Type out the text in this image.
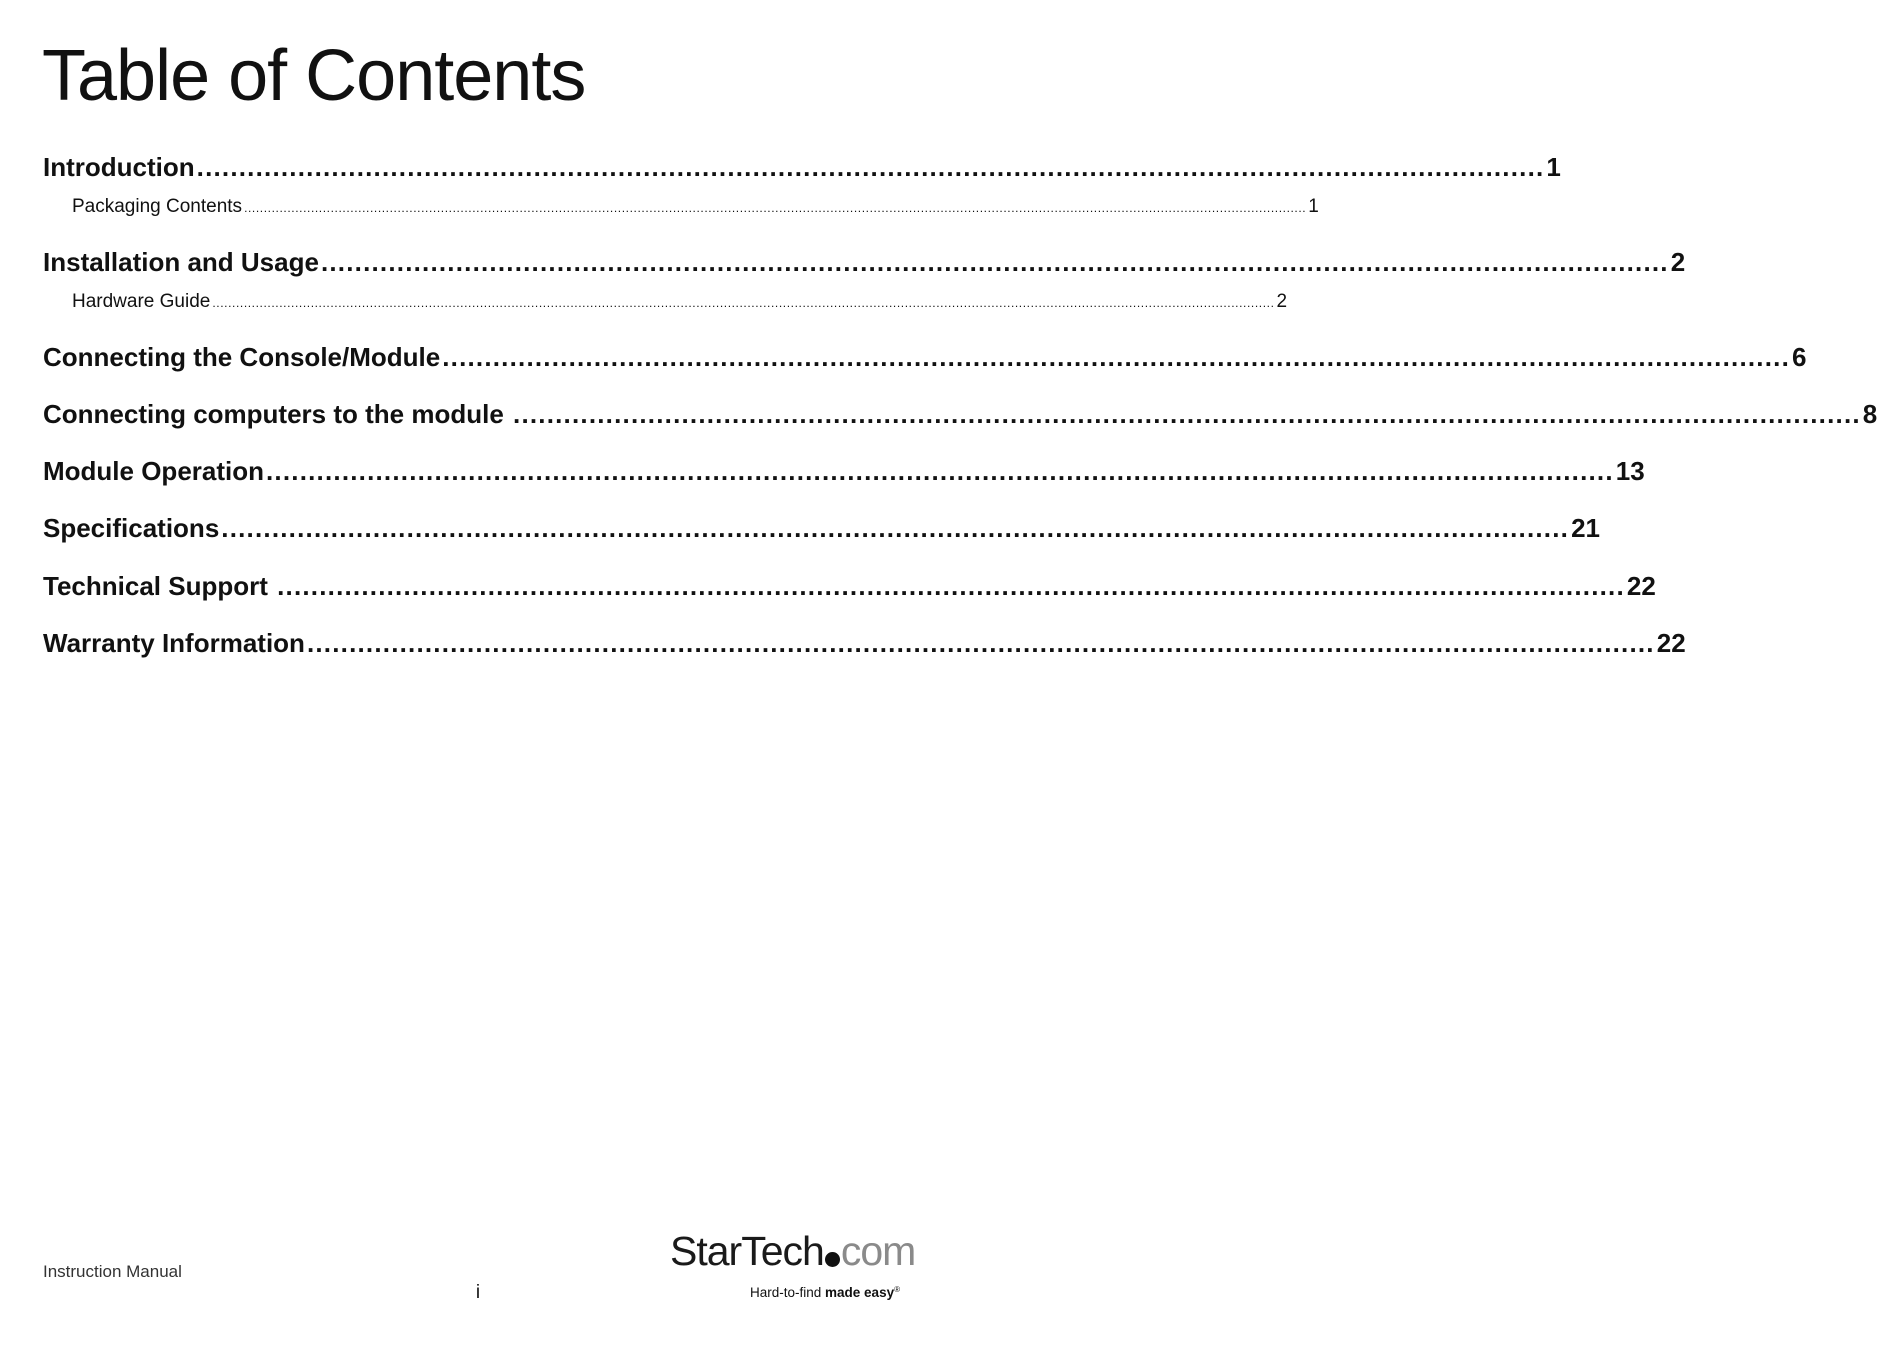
Table of Contents
Introduction ................................................................................................................................................................ 1
Packaging Contents .............................................................................................................................................................................................................................................................................. 1
Installation and Usage ................................................................................................................................................................ 2
Hardware Guide .............................................................................................................................................................................................................................................................................. 2
Connecting the Console/Module ................................................................................................................................................................ 6
Connecting computers to the module ................................................................................................................................................................ 8
Module Operation ................................................................................................................................................................ 13
Specifications ................................................................................................................................................................ 21
Technical Support ................................................................................................................................................................ 22
Warranty Information ................................................................................................................................................................ 22
Instruction Manual
i
StarTech com
Hard-to-find made easy®
